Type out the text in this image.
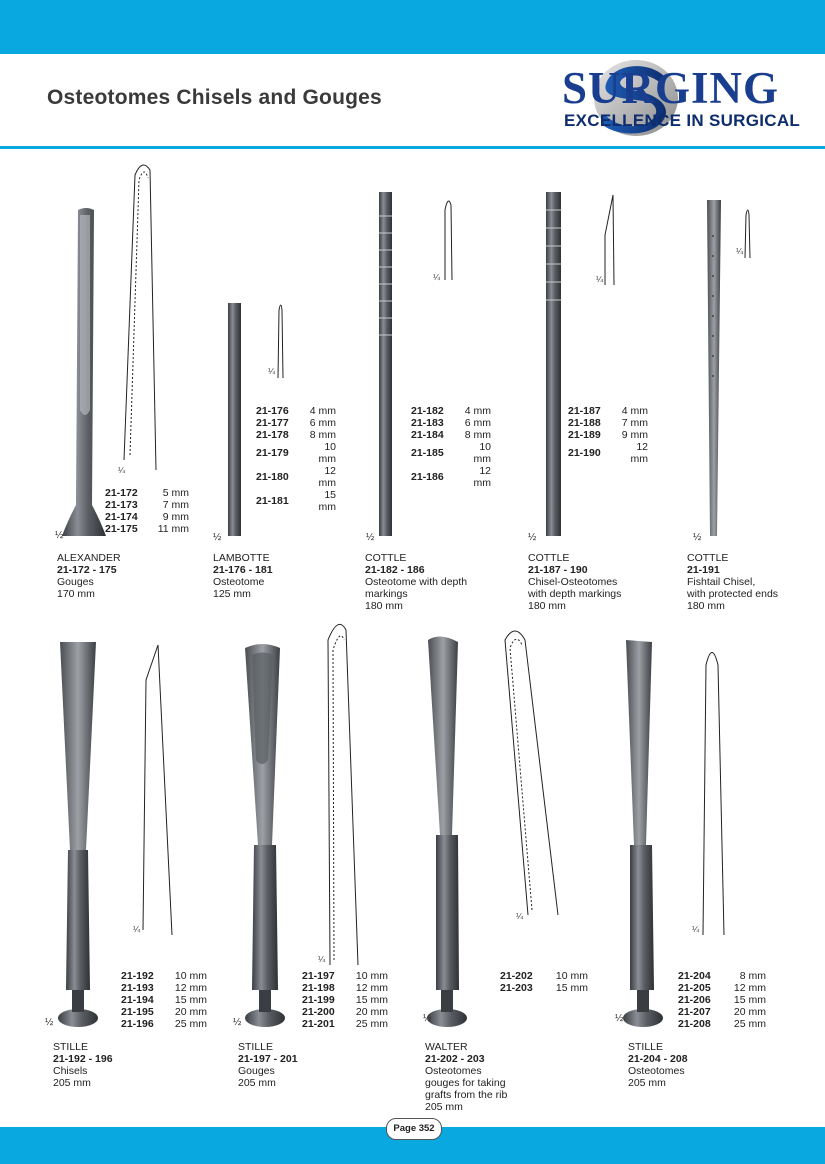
Osteotomes Chisels and Gouges	SURGING
EXCELLENCE IN SURGICAL
½
¼
½
¼
½
¼
½
¼
½
¼
½
¼
½
¼
½
¼
½
¼
21-172	5 mm
21-173	7 mm
21-174	9 mm
21-175	11 mm
21-176	4 mm
21-177	6 mm
21-178	8 mm
21-179	10 mm
21-180	12 mm
21-181	15 mm
21-182	4 mm
21-183	6 mm
21-184	8 mm
21-185	10 mm
21-186	12 mm
21-187	4 mm
21-188	7 mm
21-189	9 mm
21-190	12 mm
21-192	10 mm
21-193	12 mm
21-194	15 mm
21-195	20 mm
21-196	25 mm
21-197	10 mm
21-198	12 mm
21-199	15 mm
21-200	20 mm
21-201	25 mm
21-202	10 mm
21-203	15 mm
21-204	8 mm
21-205	12 mm
21-206	15 mm
21-207	20 mm
21-208	25 mm
ALEXANDER
21-172 - 175
Gouges
170 mm
LAMBOTTE
21-176 - 181
Osteotome
125 mm
COTTLE
21-182 - 186
Osteotome with depth
markings
180 mm
COTTLE
21-187 - 190
Chisel-Osteotomes
with depth markings
180 mm
COTTLE
21-191
Fishtail Chisel,
with protected ends
180 mm
STILLE
21-192 - 196
Chisels
205 mm
STILLE
21-197 - 201
Gouges
205 mm
WALTER
21-202 - 203
Osteotomes
gouges for taking
grafts from the rib
205 mm
STILLE
21-204 - 208
Osteotomes
205 mm
Page 352
